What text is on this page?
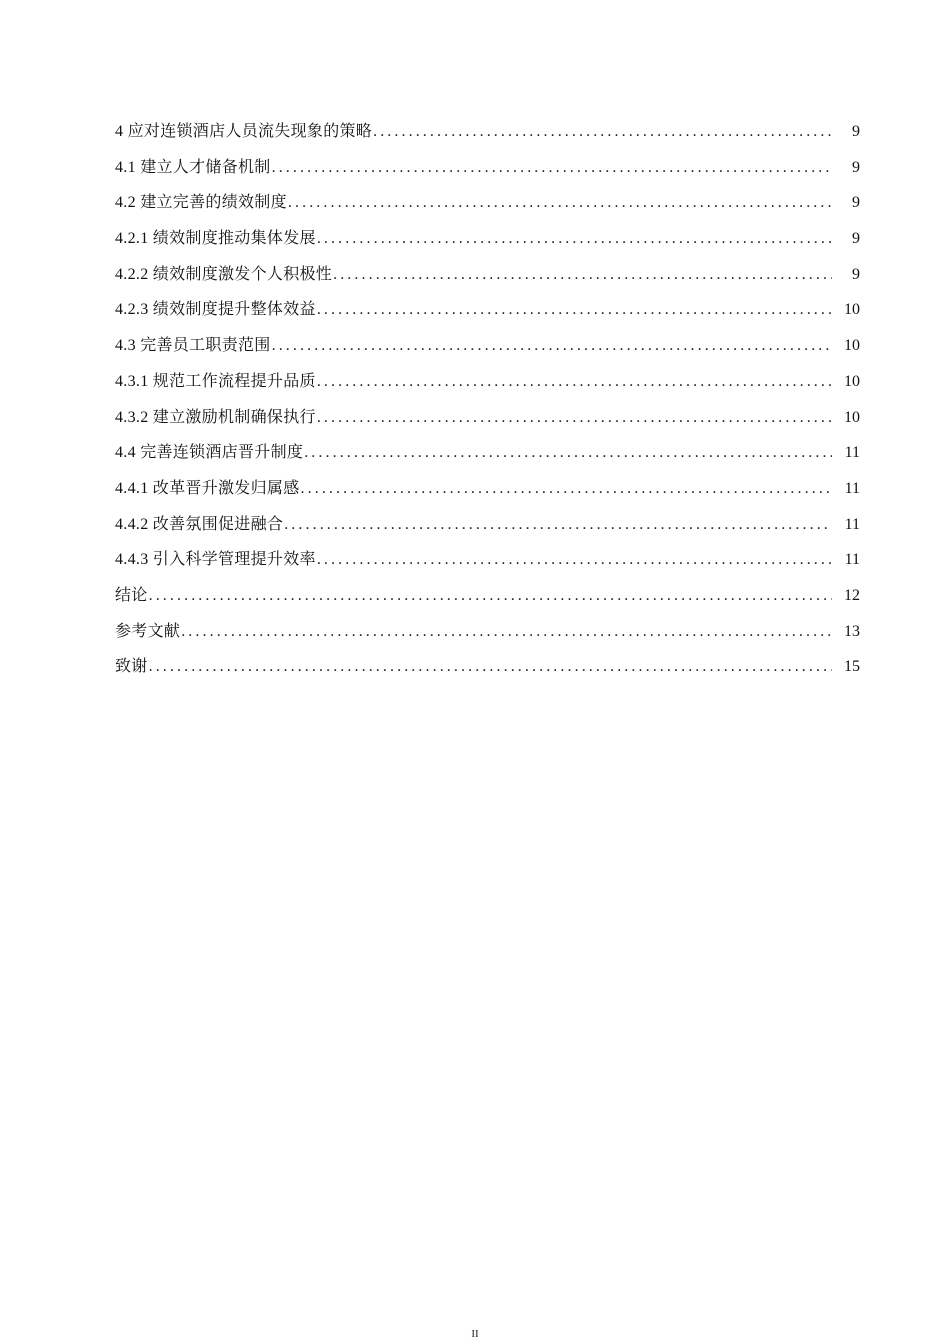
4 应对连锁酒店人员流失现象的策略 .....	9
4.1 建立人才储备机制 .....	9
4.2 建立完善的绩效制度 .....	9
4.2.1 绩效制度推动集体发展 .....	9
4.2.2 绩效制度激发个人积极性 .....	9
4.2.3 绩效制度提升整体效益 .....	10
4.3 完善员工职责范围 .....	10
4.3.1 规范工作流程提升品质 .....	10
4.3.2 建立激励机制确保执行 .....	10
4.4 完善连锁酒店晋升制度 .....	11
4.4.1 改革晋升激发归属感 .....	11
4.4.2 改善氛围促进融合 .....	11
4.4.3 引入科学管理提升效率 .....	11
结论 .....	12
参考文献 .....	13
致谢 .....	15
II
